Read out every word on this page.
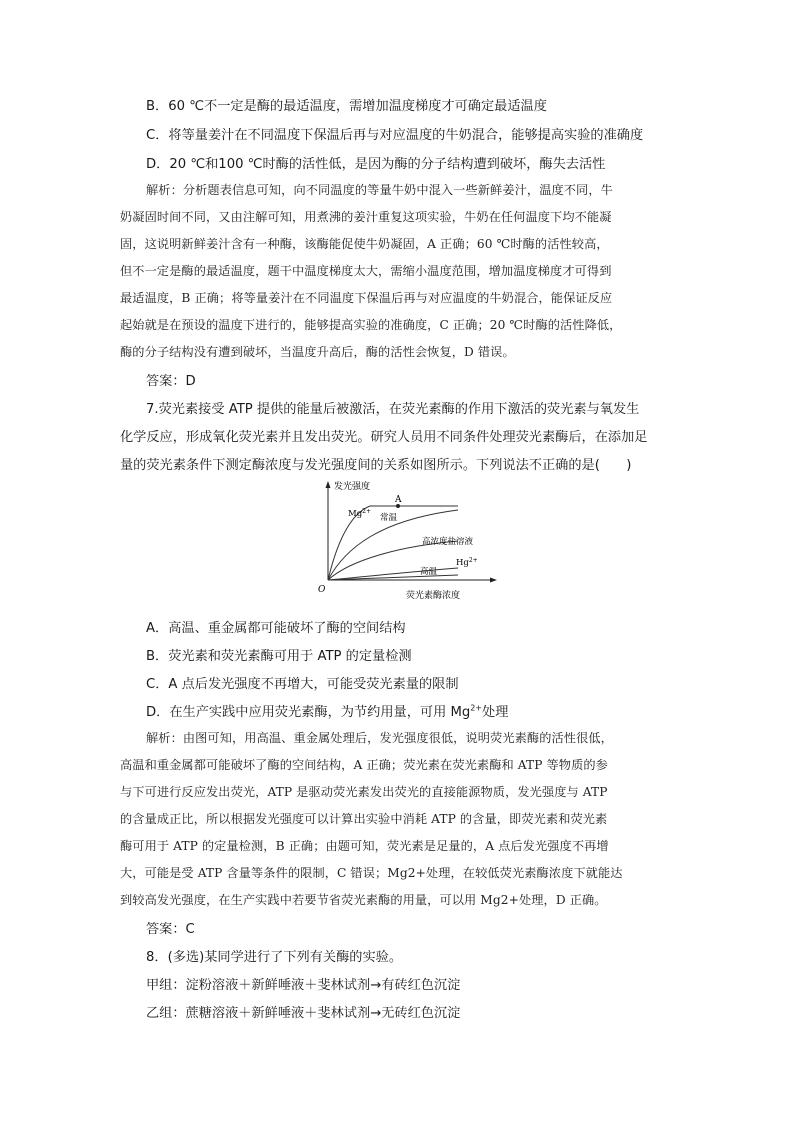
B．60 ℃不一定是酶的最适温度，需增加温度梯度才可确定最适温度
C．将等量姜汁在不同温度下保温后再与对应温度的牛奶混合，能够提高实验的准确度
D．20 ℃和100 ℃时酶的活性低，是因为酶的分子结构遭到破坏，酶失去活性
解析：分析题表信息可知，向不同温度的等量牛奶中混入一些新鲜姜汁，温度不同，牛
奶凝固时间不同，又由注解可知，用煮沸的姜汁重复这项实验，牛奶在任何温度下均不能凝
固，这说明新鲜姜汁含有一种酶，该酶能促使牛奶凝固，A 正确；60 ℃时酶的活性较高，
但不一定是酶的最适温度，题干中温度梯度太大，需缩小温度范围，增加温度梯度才可得到
最适温度，B 正确；将等量姜汁在不同温度下保温后再与对应温度的牛奶混合，能保证反应
起始就是在预设的温度下进行的，能够提高实验的准确度，C 正确；20 ℃时酶的活性降低，
酶的分子结构没有遭到破坏，当温度升高后，酶的活性会恢复，D 错误。
答案：D
7.荧光素接受 ATP 提供的能量后被激活，在荧光素酶的作用下激活的荧光素与氧发生
化学反应，形成氧化荧光素并且发出荧光。研究人员用不同条件处理荧光素酶后，在添加足
量的荧光素条件下测定酶浓度与发光强度间的关系如图所示。下列说法不正确的是(　　)
发光强度
荧光素酶浓度
O
A
$Mg^{2+}$
常温
高浓度盐溶液
$Hg^{2+}$
高温
A．高温、重金属都可能破坏了酶的空间结构
B．荧光素和荧光素酶可用于 ATP 的定量检测
C．A 点后发光强度不再增大，可能受荧光素量的限制
D．在生产实践中应用荧光素酶，为节约用量，可用 $Mg^{2+}$处理
解析：由图可知，用高温、重金属处理后，发光强度很低，说明荧光素酶的活性很低，
高温和重金属都可能破坏了酶的空间结构，A 正确；荧光素在荧光素酶和 ATP 等物质的参
与下可进行反应发出荧光，ATP 是驱动荧光素发出荧光的直接能源物质，发光强度与 ATP
的含量成正比，所以根据发光强度可以计算出实验中消耗 ATP 的含量，即荧光素和荧光素
酶可用于 ATP 的定量检测，B 正确；由题可知，荧光素是足量的，A 点后发光强度不再增
大，可能是受 ATP 含量等条件的限制，C 错误；Mg2+处理，在较低荧光素酶浓度下就能达
到较高发光强度，在生产实践中若要节省荧光素酶的用量，可以用 Mg2+处理，D 正确。
答案：C
8．(多选)某同学进行了下列有关酶的实验。
甲组：淀粉溶液＋新鲜唾液＋斐林试剂→有砖红色沉淀
乙组：蔗糖溶液＋新鲜唾液＋斐林试剂→无砖红色沉淀
